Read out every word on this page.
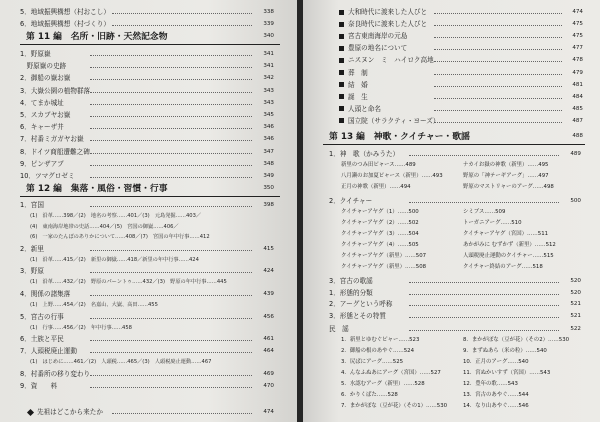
5．地域振興構想（村おこし）	338
6．地域振興構想（村づくり）	339
第 11 編　名所・旧跡・天然記念物	340
第 12 編　集落・風俗・習慣・行事	350
先祖はどこから来たか	474
1．野原嶽	341
　野原嶽の史跡	341
2．御船の嶽お嶽	342
3．大嶽公園の植物群落	343
4．てまか城址	343
5．スカブヤお嶽	345
6．キャーザ井	346
7．村番ミガガヤお嶽	346
8．ドイツ商船遭難之碑	347
9．ピンザアブ	348
10．ツマグロゼミ	349
1．宮国	398
(1)　沿革……398／(2)　地名の考察……401／(3)　元島発掘……403／
(4)　東南海岸地帯の史話……404／(5)　宮国の御嶽……406／
(6)　一家のたんぼのありかについて……408／(7)　宮国の年中行事……412
2．新里	415
(1)　沿革……415／(2)　新里の御嶽……418／新里の年中行事……424
3．野原	424
(1)　沿革……432／(2)　野原のパーントゥ……432／(3)　野原の年中行事……445
4．関係の諸集落	439
(1)　上野……454／(2)　名嘉山、大嶽、高田……455
5．宮古の行事	456
(1)　行事……456／(2)　年中行事……458
6．土族と平民	461
7．人頭税廃止運動	464
(1)　はじめに……461／(2)　人頭税……465／(3)　人頭税廃止運動……467
8．村番所の移り変わり	469
9．資　　料	470
第 13 編　神歌・クイチャー・歌謡	488
大和時代に渡来した人びと	474
奈良時代に渡来した人びと	475
宮古東南海岸の元島	475
豊原の地名について	477
ニスヌン　ミ　ハイロク高地	478
葬　制	479
結　婚	481
誕　生	484
人頭と命名	485
国立院（サラクティ・ヨーズ）	487
1．神　歌（かみうた）	489
新里のつみ田ピャース……489	ナカイお嶽の神歌（新里）……495
八月瀬のお加夏ピャース（新里）……493	野原の「神テーギアーグ」……497
正月の神歌（新里）……494	野原のマストリャーのアーグ……498
2．クイチャー	500
クイチャーアヤグ（1）……500	シミブス……509
クイチャーアヤグ（2）……502	トーガニアーグ……510
クイチャーアヤグ（3）……504	クイチャーアヤグ（宮国）……511
クイチャーアヤグ（4）……505	あかがみに むずかず（新里）……512
クイチャーアヤグ（新里）……507	人頭税廃止運動のクイチャー……515
クイチャーアヤグ（新里）……508	クイチャー終結のアーグ……518
3．宮古の歌謡	520
1．形態的分類	520
2．アーグという呼称	521
3．形態とその特質	521
民　謡	522
1．新里とゆむぐピャー……523	8．まかがぽな（豆が花）（その2）……530
2．御船の根のあやぐ……524	9．まずぬあら（米の粒）……540
3．尻ぱにアーグ……525	10．正月のアーグ……540
4．んなふぬあにアーグ（宮国）……527	11．宮ぬかいすず（宮国）……543
5．水認むアーグ（新里）……528	12．豊年の歌……543
6．かりくばた……528	13．宮古のあやぐ……544
7．まかがぽな（豆が花）（その1）……530	14．なり山あやぐ……546
